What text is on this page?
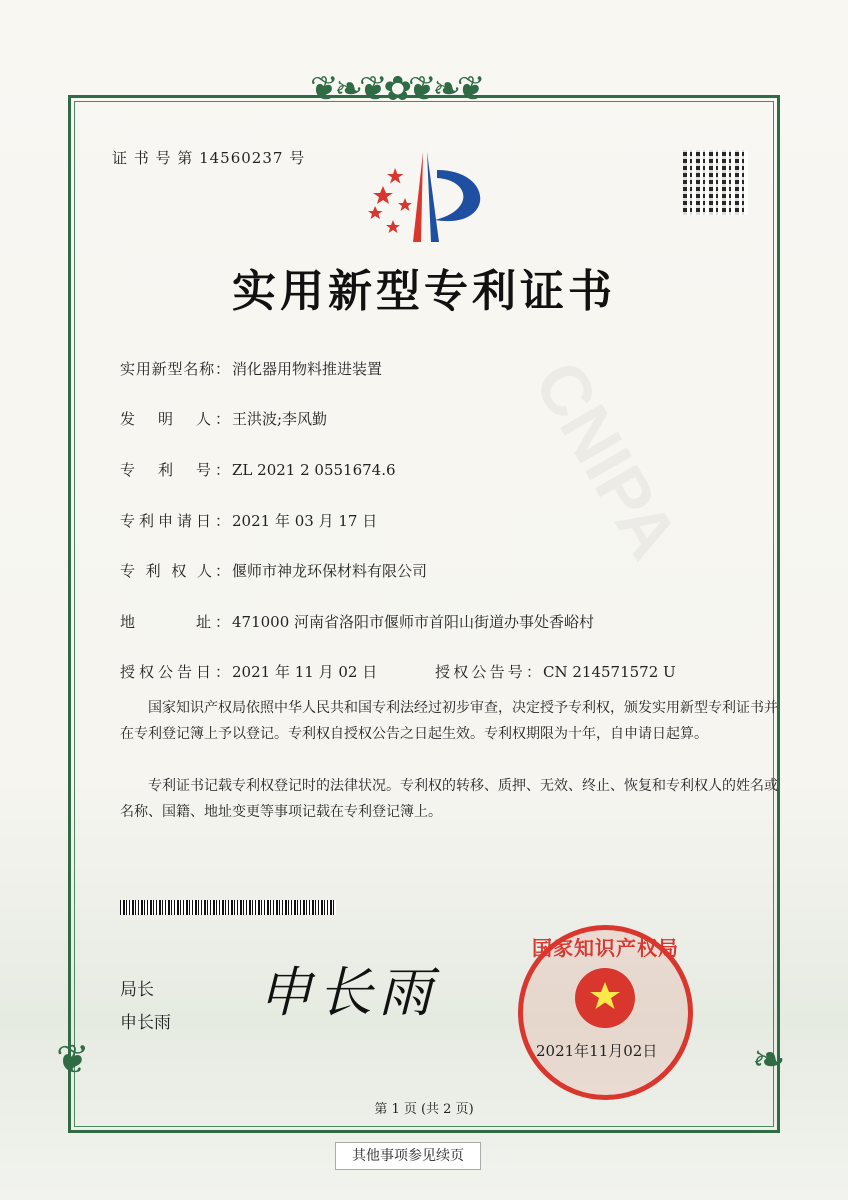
❦❧❦✿❦❧❦
❦	❧
证 书 号 第 14560237 号
实用新型专利证书
实用新型名称： 消化器用物料推进装置
发　明　人： 王洪波;李风勤
专　利　号： ZL 2021 2 0551674.6
专利申请日： 2021 年 03 月 17 日
专 利 权 人： 偃师市神龙环保材料有限公司
地　　　址： 471000 河南省洛阳市偃师市首阳山街道办事处香峪村
授权公告日： 2021 年 11 月 02 日	授权公告号： CN 214571572 U
国家知识产权局依照中华人民共和国专利法经过初步审查，决定授予专利权，颁发实用新型专利证书并在专利登记簿上予以登记。专利权自授权公告之日起生效。专利权期限为十年，自申请日起算。
专利证书记载专利权登记时的法律状况。专利权的转移、质押、无效、终止、恢复和专利权人的姓名或名称、国籍、地址变更等事项记载在专利登记簿上。
局长
申长雨 申长雨
国家知识产权局
2021年11月02日
第 1 页 (共 2 页)
其他事项参见续页
